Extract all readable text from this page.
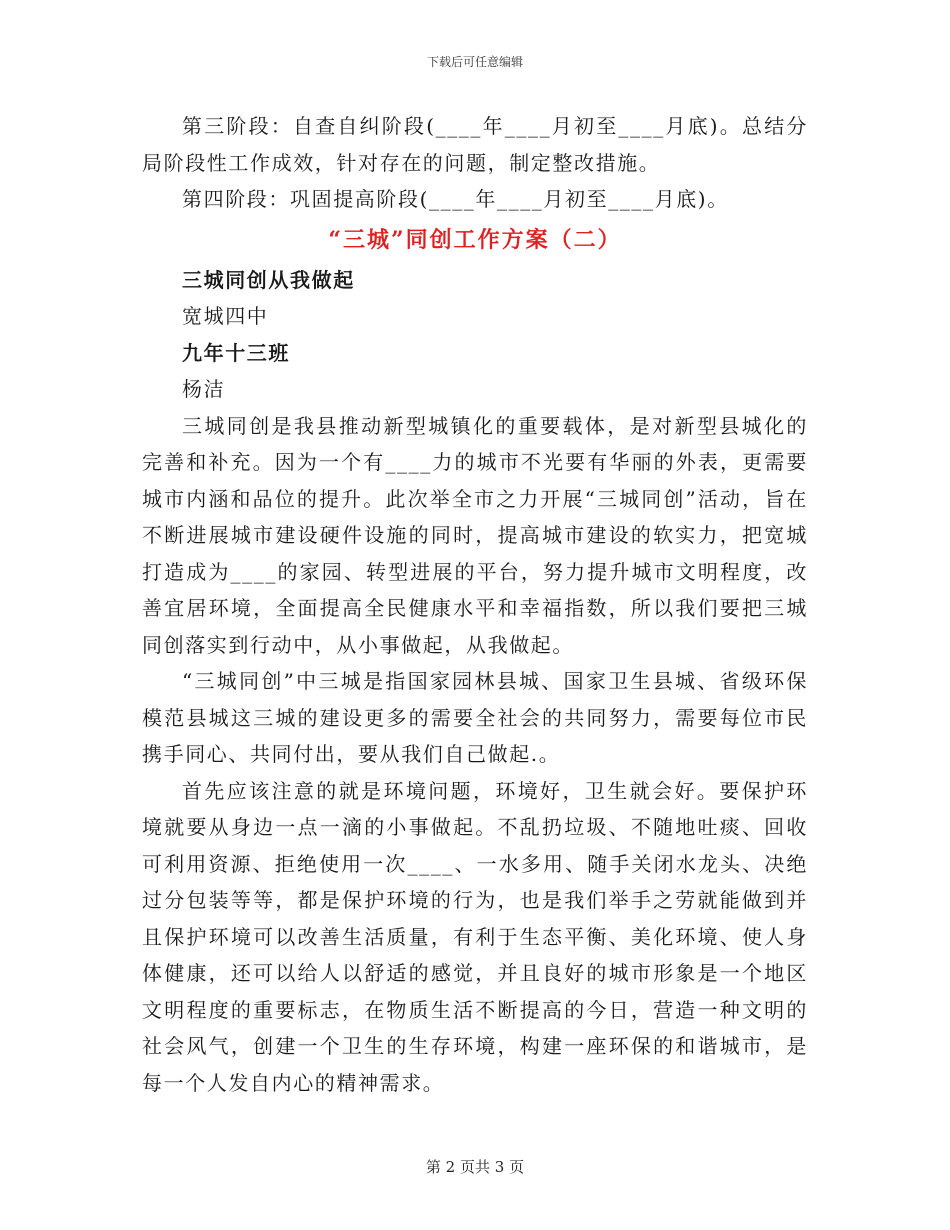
下载后可任意编辑

第三阶段：自查自纠阶段(____年____月初至____月底)。总结分局阶段性工作成效，针对存在的问题，制定整改措施。

第四阶段：巩固提高阶段(____年____月初至____月底)。

“三城”同创工作方案（二）

三城同创从我做起

宽城四中

九年十三班

杨洁

三城同创是我县推动新型城镇化的重要载体，是对新型县城化的完善和补充。因为一个有____力的城市不光要有华丽的外表，更需要城市内涵和品位的提升。此次举全市之力开展“三城同创”活动，旨在不断进展城市建设硬件设施的同时，提高城市建设的软实力，把宽城打造成为____的家园、转型进展的平台，努力提升城市文明程度，改善宜居环境，全面提高全民健康水平和幸福指数，所以我们要把三城同创落实到行动中，从小事做起，从我做起。

“三城同创”中三城是指国家园林县城、国家卫生县城、省级环保模范县城这三城的建设更多的需要全社会的共同努力，需要每位市民携手同心、共同付出，要从我们自己做起.。

首先应该注意的就是环境问题，环境好，卫生就会好。要保护环境就要从身边一点一滴的小事做起。不乱扔垃圾、不随地吐痰、回收可利用资源、拒绝使用一次____、一水多用、随手关闭水龙头、决绝过分包装等等，都是保护环境的行为，也是我们举手之劳就能做到并且保护环境可以改善生活质量，有利于生态平衡、美化环境、使人身体健康，还可以给人以舒适的感觉，并且良好的城市形象是一个地区文明程度的重要标志，在物质生活不断提高的今日，营造一种文明的社会风气，创建一个卫生的生存环境，构建一座环保的和谐城市，是每一个人发自内心的精神需求。

第 2 页共 3 页
